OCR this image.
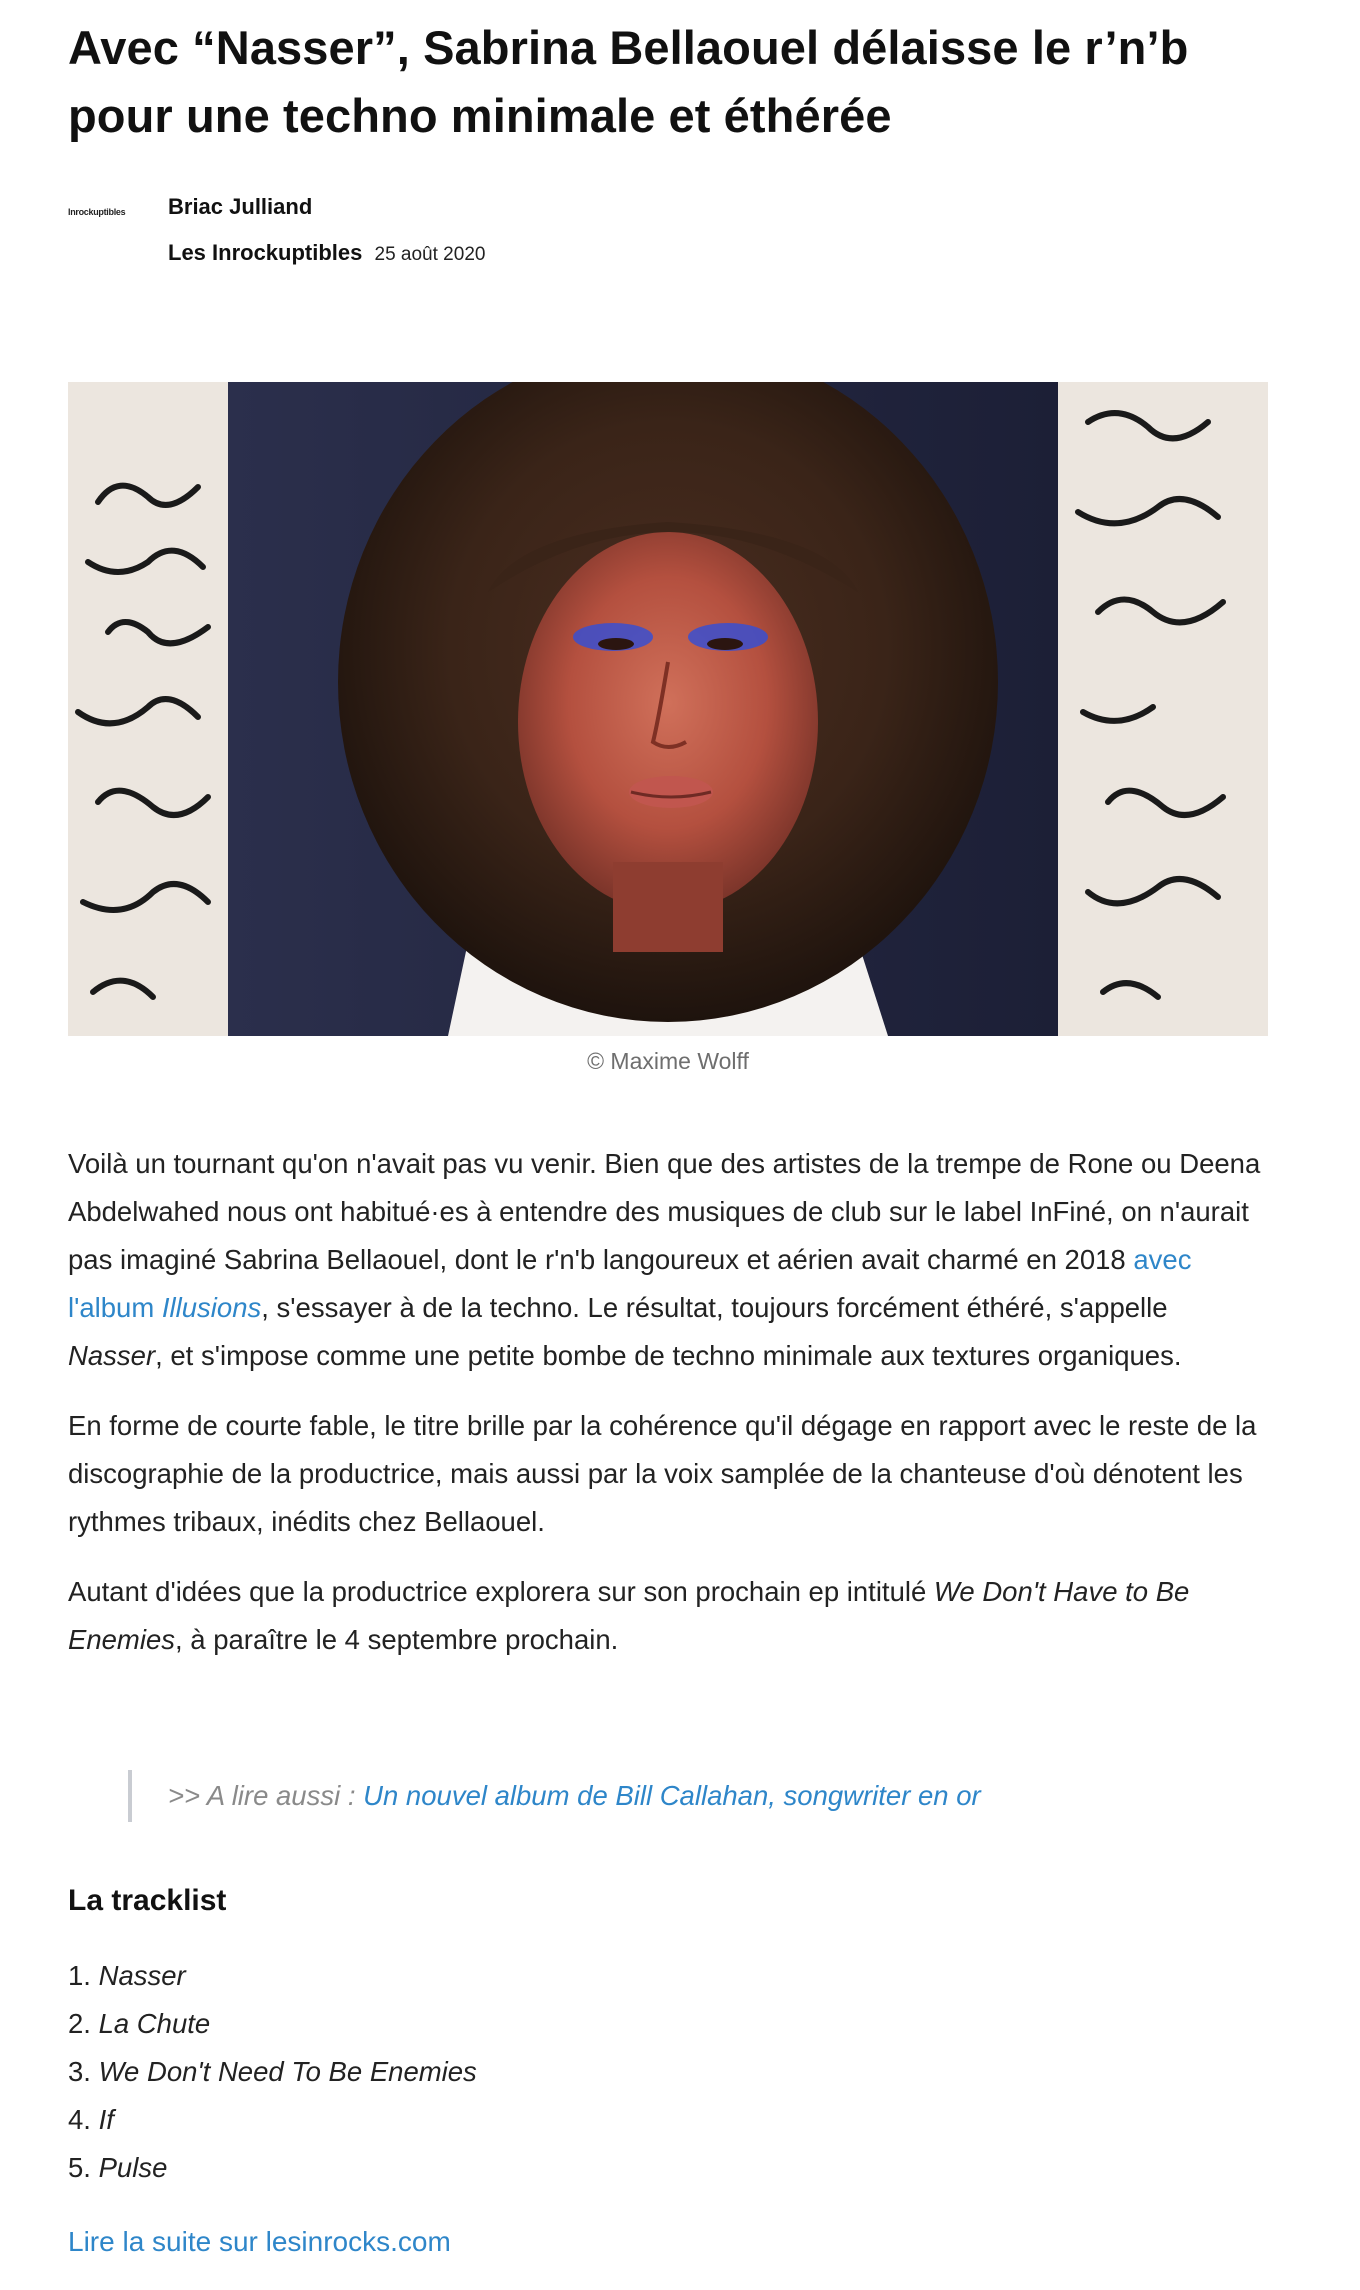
Avec “Nasser”, Sabrina Bellaouel délaisse le r’n’b pour une techno minimale et éthérée
lnrockuptibles	Briac Julliand
Les Inrockuptibles 25 août 2020
© Maxime Wolff

Voilà un tournant qu'on n'avait pas vu venir. Bien que des artistes de la trempe de Rone ou Deena Abdelwahed nous ont habitué·es à entendre des musiques de club sur le label InFiné, on n'aurait pas imaginé Sabrina Bellaouel, dont le r'n'b langoureux et aérien avait charmé en 2018 avec l'album Illusions, s'essayer à de la techno. Le résultat, toujours forcément éthéré, s'appelle Nasser, et s'impose comme une petite bombe de techno minimale aux textures organiques.

En forme de courte fable, le titre brille par la cohérence qu'il dégage en rapport avec le reste de la discographie de la productrice, mais aussi par la voix samplée de la chanteuse d'où dénotent les rythmes tribaux, inédits chez Bellaouel.

Autant d'idées que la productrice explorera sur son prochain ep intitulé We Don't Have to Be Enemies, à paraître le 4 septembre prochain.

>> A lire aussi : Un nouvel album de Bill Callahan, songwriter en or
La tracklist
1. Nasser
2. La Chute
3. We Don't Need To Be Enemies
4. If
5. Pulse
Lire la suite sur lesinrocks.com
